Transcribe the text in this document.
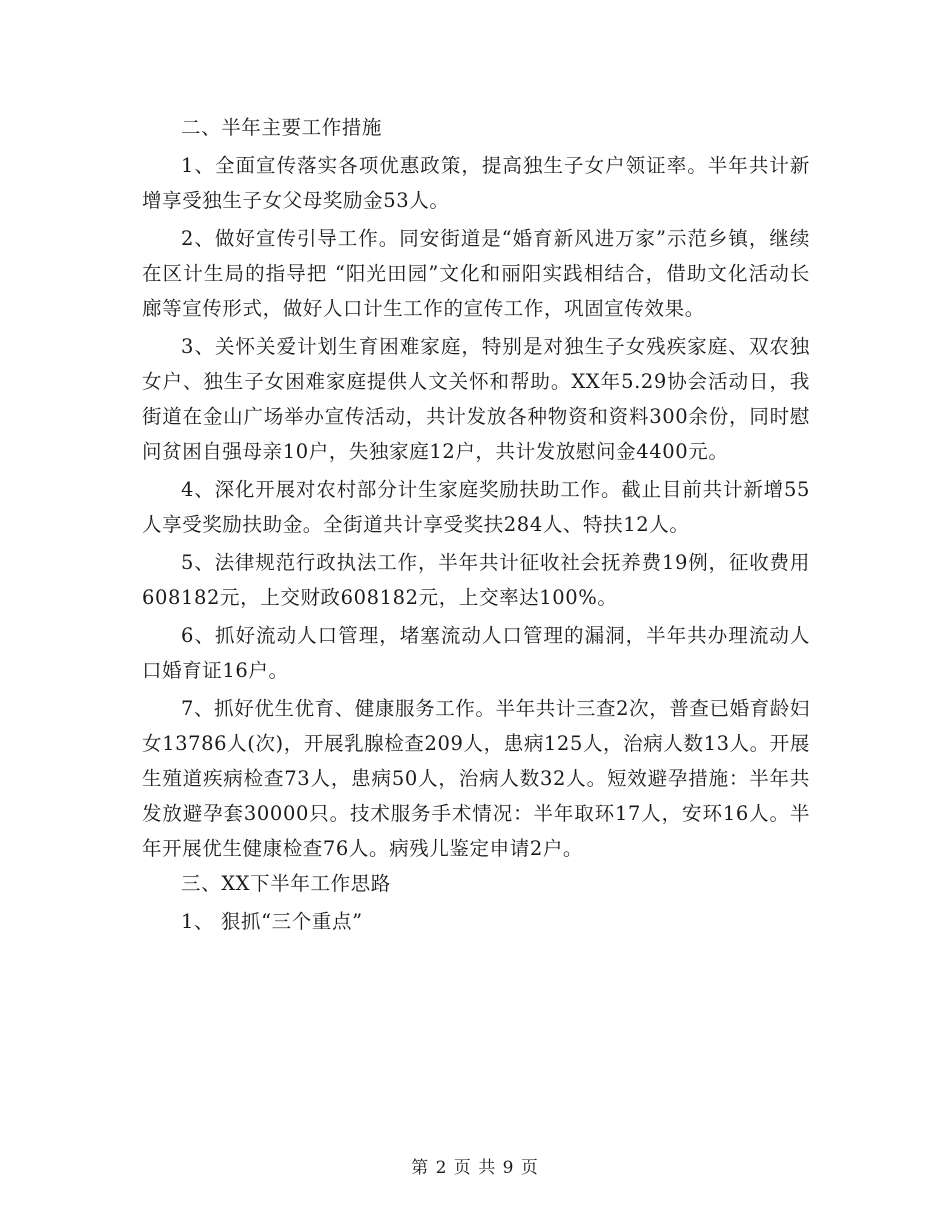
二、半年主要工作措施

1、全面宣传落实各项优惠政策，提高独生子女户领证率。半年共计新增享受独生子女父母奖励金53人。

2、做好宣传引导工作。同安街道是“婚育新风进万家”示范乡镇，继续在区计生局的指导把 “阳光田园”文化和丽阳实践相结合，借助文化活动长廊等宣传形式，做好人口计生工作的宣传工作，巩固宣传效果。

3、关怀关爱计划生育困难家庭，特别是对独生子女残疾家庭、双农独女户、独生子女困难家庭提供人文关怀和帮助。XX年5.29协会活动日，我街道在金山广场举办宣传活动，共计发放各种物资和资料300余份，同时慰问贫困自强母亲10户，失独家庭12户，共计发放慰问金4400元。

4、深化开展对农村部分计生家庭奖励扶助工作。截止目前共计新增55人享受奖励扶助金。全街道共计享受奖扶284人、特扶12人。

5、法律规范行政执法工作，半年共计征收社会抚养费19例，征收费用608182元，上交财政608182元，上交率达100%。

6、抓好流动人口管理，堵塞流动人口管理的漏洞，半年共办理流动人口婚育证16户。

7、抓好优生优育、健康服务工作。半年共计三查2次，普查已婚育龄妇女13786人(次)，开展乳腺检查209人，患病125人，治病人数13人。开展生殖道疾病检查73人，患病50人，治病人数32人。短效避孕措施：半年共发放避孕套30000只。技术服务手术情况：半年取环17人，安环16人。半年开展优生健康检查76人。病残儿鉴定申请2户。

三、XX下半年工作思路

1、 狠抓“三个重点”

第 2 页 共 9 页
